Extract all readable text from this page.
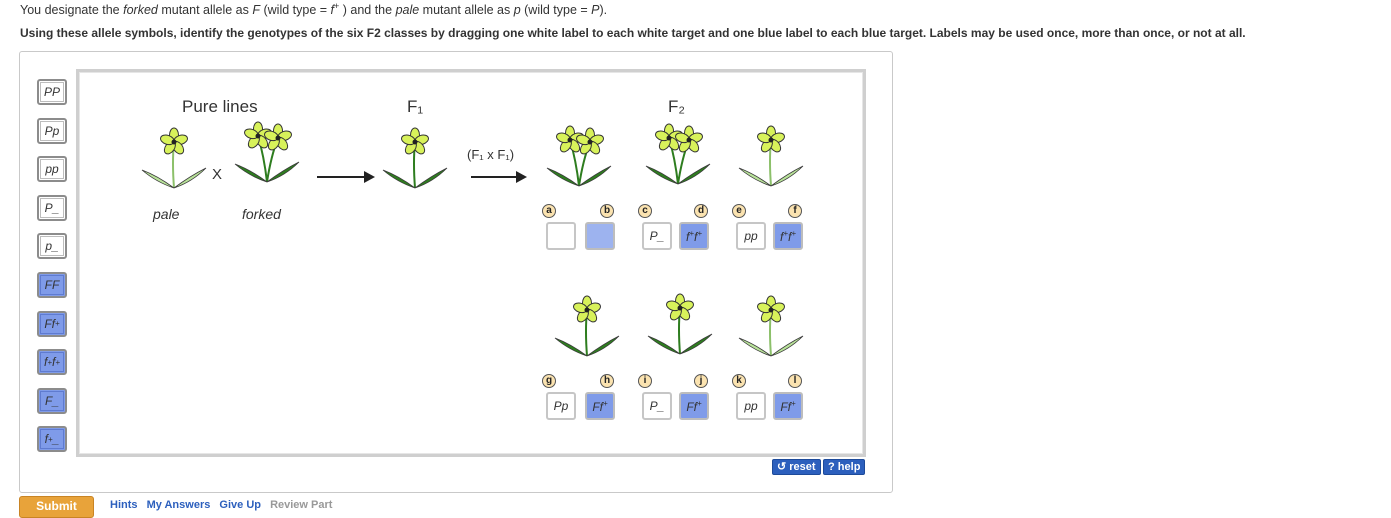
You designate the forked mutant allele as F (wild type = f+ ) and the pale mutant allele as p (wild type = P).
Using these allele symbols, identify the genotypes of the six F2 classes by dragging one white label to each white target and one blue label to each blue target. Labels may be used once, more than once, or not at all.
PP
Pp
pp
P_
p_
FF
Ff +
f + f +
F_
f + _
Pure lines	F₁	F₂
X
(F₁ x F₁)
pale	forked	a	b	c
P_
d
f+f+
e
pp
f
f+f+
g
Pp
h
Ff+
i
P_
j
Ff+
k
pp
l
Ff+
↺ reset	? help
Submit	Hints My Answers Give Up Review Part
